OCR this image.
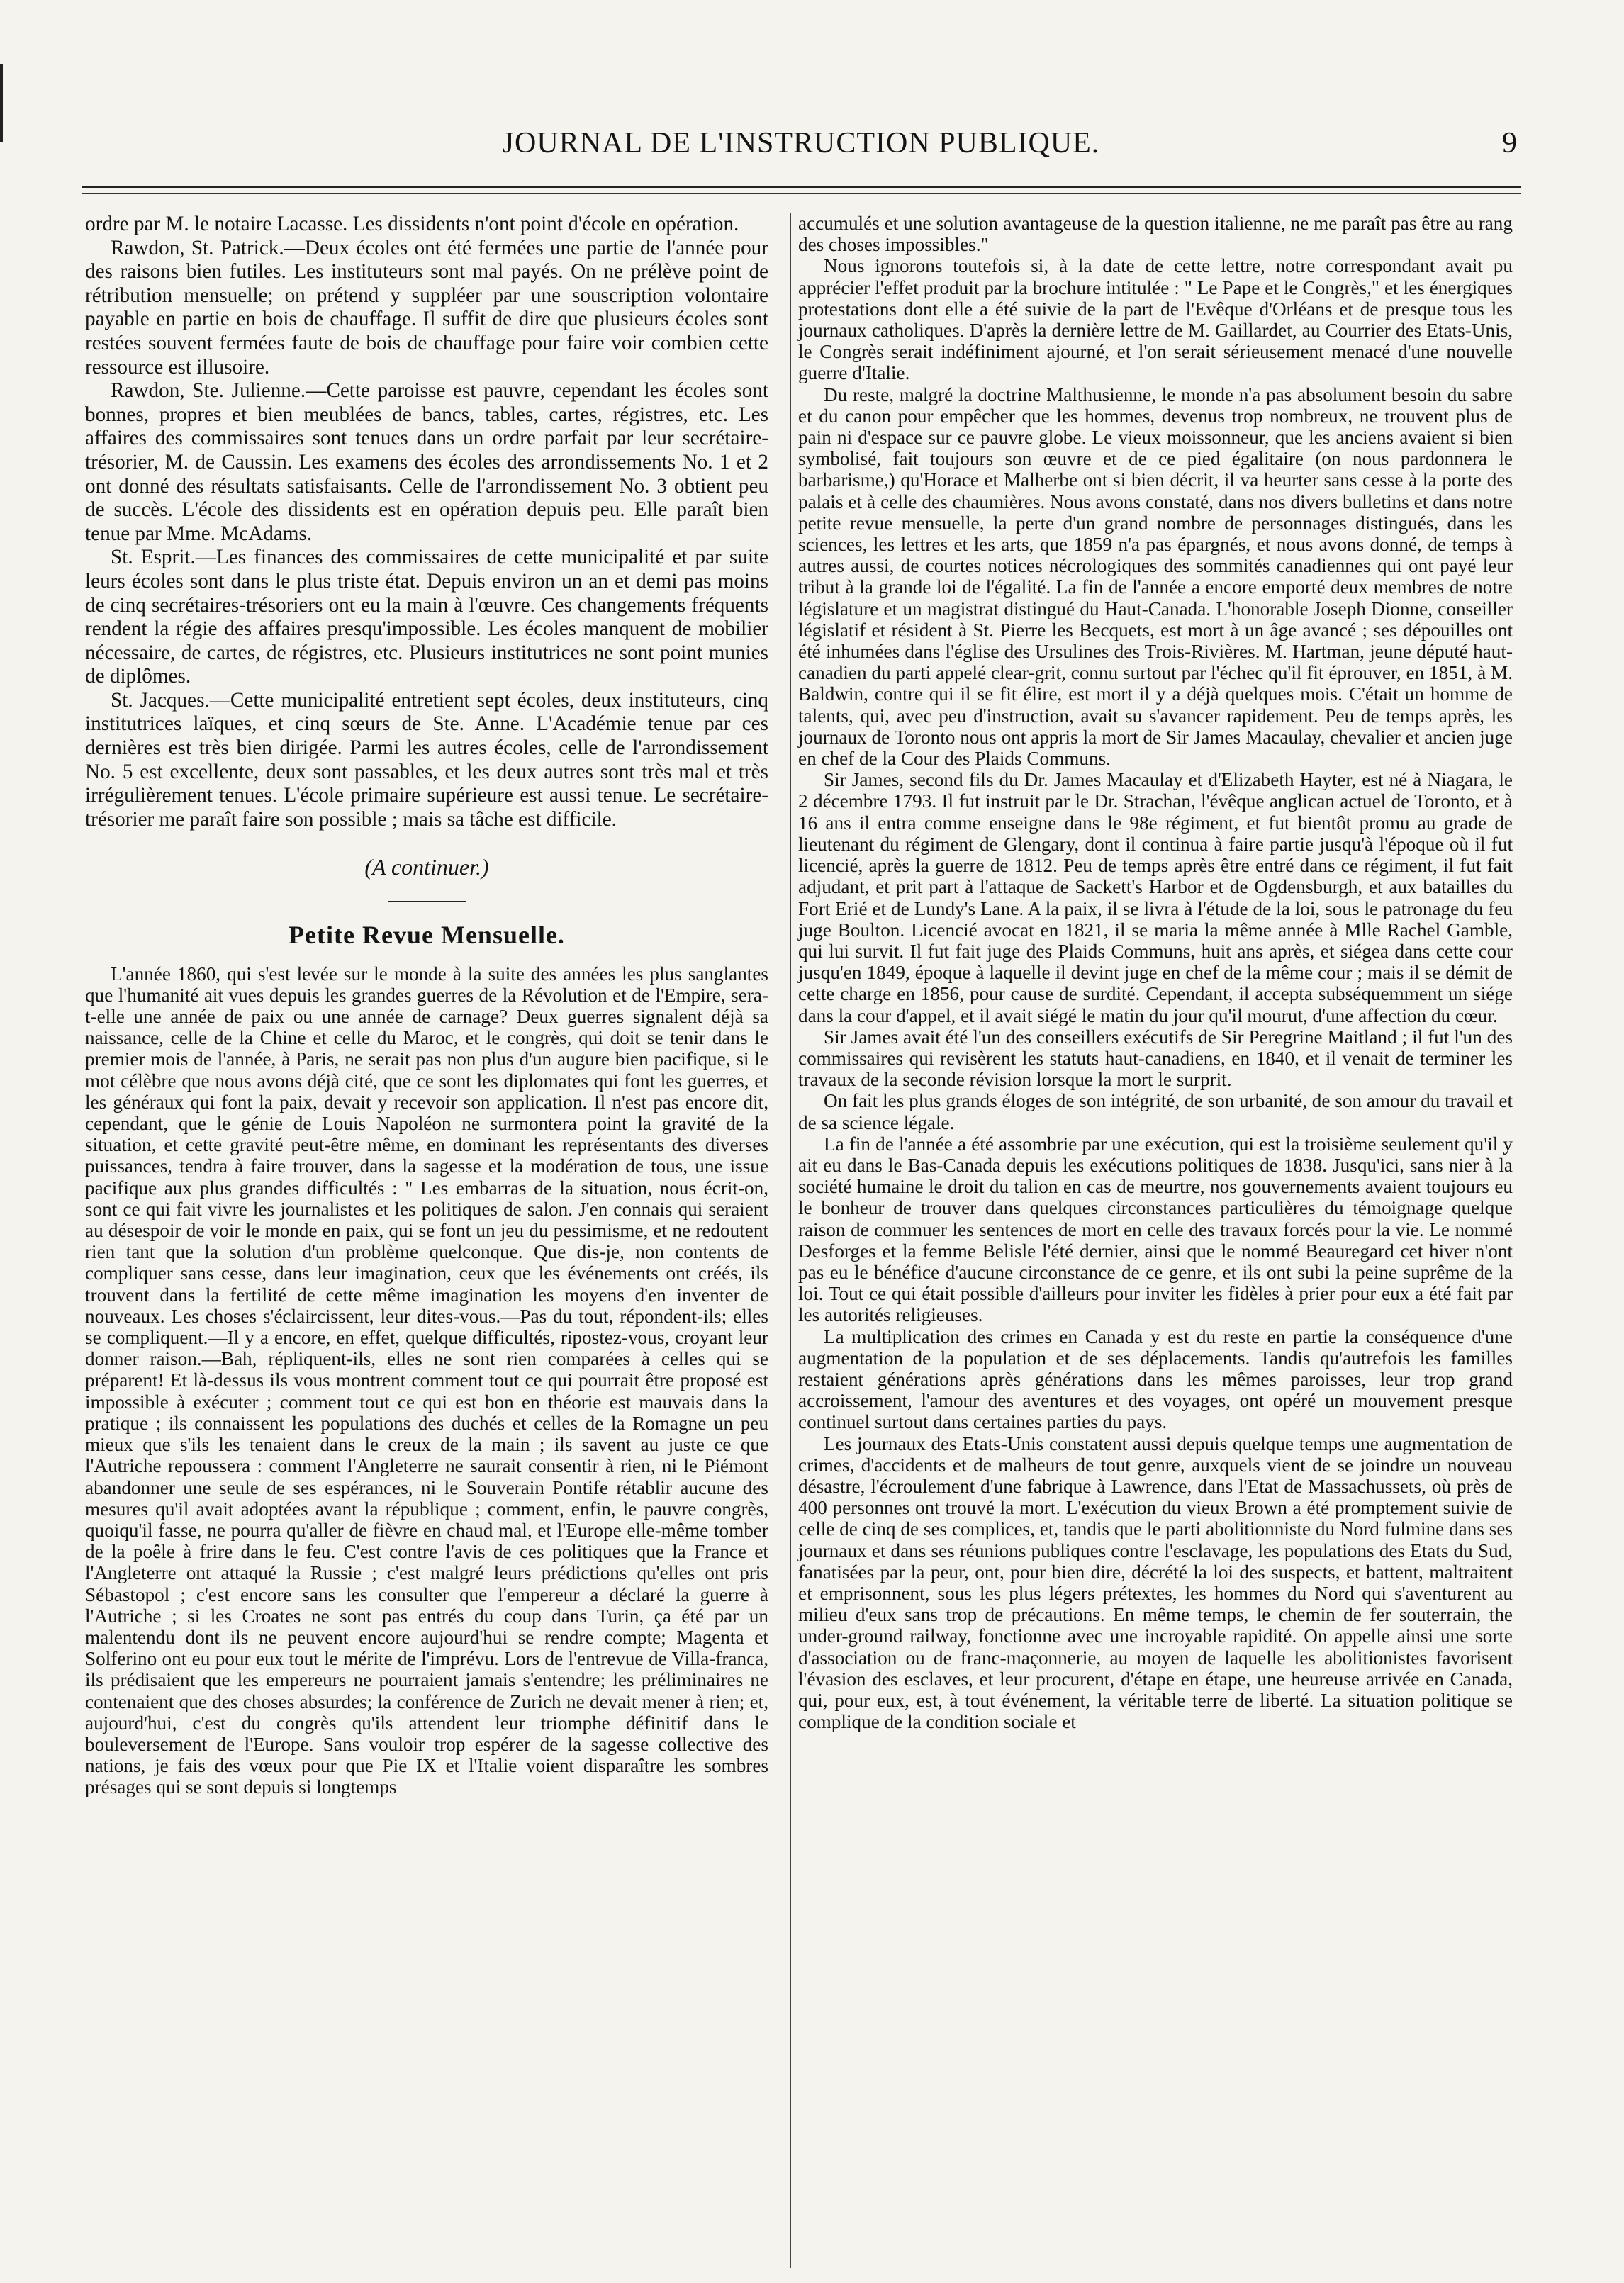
JOURNAL DE L'INSTRUCTION PUBLIQUE.	9

ordre par M. le notaire Lacasse. Les dissidents n'ont point d'école en opération.

Rawdon, St. Patrick.—Deux écoles ont été fermées une partie de l'année pour des raisons bien futiles. Les instituteurs sont mal payés. On ne prélève point de rétribution mensuelle; on prétend y suppléer par une souscription volontaire payable en partie en bois de chauffage. Il suffit de dire que plusieurs écoles sont restées souvent fermées faute de bois de chauffage pour faire voir combien cette ressource est illusoire.

Rawdon, Ste. Julienne.—Cette paroisse est pauvre, cependant les écoles sont bonnes, propres et bien meublées de bancs, tables, cartes, régistres, etc. Les affaires des commissaires sont tenues dans un ordre parfait par leur secrétaire-trésorier, M. de Caussin. Les examens des écoles des arrondissements No. 1 et 2 ont donné des résultats satisfaisants. Celle de l'arrondissement No. 3 obtient peu de succès. L'école des dissidents est en opération depuis peu. Elle paraît bien tenue par Mme. McAdams.

St. Esprit.—Les finances des commissaires de cette municipalité et par suite leurs écoles sont dans le plus triste état. Depuis environ un an et demi pas moins de cinq secrétaires-trésoriers ont eu la main à l'œuvre. Ces changements fréquents rendent la régie des affaires presqu'impossible. Les écoles manquent de mobilier nécessaire, de cartes, de régistres, etc. Plusieurs institutrices ne sont point munies de diplômes.

St. Jacques.—Cette municipalité entretient sept écoles, deux instituteurs, cinq institutrices laïques, et cinq sœurs de Ste. Anne. L'Académie tenue par ces dernières est très bien dirigée. Parmi les autres écoles, celle de l'arrondissement No. 5 est excellente, deux sont passables, et les deux autres sont très mal et très irrégulièrement tenues. L'école primaire supérieure est aussi tenue. Le secrétaire-trésorier me paraît faire son possible ; mais sa tâche est difficile.

(A continuer.)
Petite Revue Mensuelle.

L'année 1860, qui s'est levée sur le monde à la suite des années les plus sanglantes que l'humanité ait vues depuis les grandes guerres de la Révolution et de l'Empire, sera-t-elle une année de paix ou une année de carnage? Deux guerres signalent déjà sa naissance, celle de la Chine et celle du Maroc, et le congrès, qui doit se tenir dans le premier mois de l'année, à Paris, ne serait pas non plus d'un augure bien pacifique, si le mot célèbre que nous avons déjà cité, que ce sont les diplomates qui font les guerres, et les généraux qui font la paix, devait y recevoir son application. Il n'est pas encore dit, cependant, que le génie de Louis Napoléon ne surmontera point la gravité de la situation, et cette gravité peut-être même, en dominant les représentants des diverses puissances, tendra à faire trouver, dans la sagesse et la modération de tous, une issue pacifique aux plus grandes difficultés : " Les embarras de la situation, nous écrit-on, sont ce qui fait vivre les journalistes et les politiques de salon. J'en connais qui seraient au désespoir de voir le monde en paix, qui se font un jeu du pessimisme, et ne redoutent rien tant que la solution d'un problème quelconque. Que dis-je, non contents de compliquer sans cesse, dans leur imagination, ceux que les événements ont créés, ils trouvent dans la fertilité de cette même imagination les moyens d'en inventer de nouveaux. Les choses s'éclaircissent, leur dites-vous.—Pas du tout, répondent-ils; elles se compliquent.—Il y a encore, en effet, quelque difficultés, ripostez-vous, croyant leur donner raison.—Bah, répliquent-ils, elles ne sont rien comparées à celles qui se préparent! Et là-dessus ils vous montrent comment tout ce qui pourrait être proposé est impossible à exécuter ; comment tout ce qui est bon en théorie est mauvais dans la pratique ; ils connaissent les populations des duchés et celles de la Romagne un peu mieux que s'ils les tenaient dans le creux de la main ; ils savent au juste ce que l'Autriche repoussera : comment l'Angleterre ne saurait consentir à rien, ni le Piémont abandonner une seule de ses espérances, ni le Souverain Pontife rétablir aucune des mesures qu'il avait adoptées avant la république ; comment, enfin, le pauvre congrès, quoiqu'il fasse, ne pourra qu'aller de fièvre en chaud mal, et l'Europe elle-même tomber de la poêle à frire dans le feu. C'est contre l'avis de ces politiques que la France et l'Angleterre ont attaqué la Russie ; c'est malgré leurs prédictions qu'elles ont pris Sébastopol ; c'est encore sans les consulter que l'empereur a déclaré la guerre à l'Autriche ; si les Croates ne sont pas entrés du coup dans Turin, ça été par un malentendu dont ils ne peuvent encore aujourd'hui se rendre compte; Magenta et Solferino ont eu pour eux tout le mérite de l'imprévu. Lors de l'entrevue de Villa-franca, ils prédisaient que les empereurs ne pourraient jamais s'entendre; les préliminaires ne contenaient que des choses absurdes; la conférence de Zurich ne devait mener à rien; et, aujourd'hui, c'est du congrès qu'ils attendent leur triomphe définitif dans le bouleversement de l'Europe. Sans vouloir trop espérer de la sagesse collective des nations, je fais des vœux pour que Pie IX et l'Italie voient disparaître les sombres présages qui se sont depuis si longtemps

accumulés et une solution avantageuse de la question italienne, ne me paraît pas être au rang des choses impossibles."

Nous ignorons toutefois si, à la date de cette lettre, notre correspondant avait pu apprécier l'effet produit par la brochure intitulée : " Le Pape et le Congrès," et les énergiques protestations dont elle a été suivie de la part de l'Evêque d'Orléans et de presque tous les journaux catholiques. D'après la dernière lettre de M. Gaillardet, au Courrier des Etats-Unis, le Congrès serait indéfiniment ajourné, et l'on serait sérieusement menacé d'une nouvelle guerre d'Italie.

Du reste, malgré la doctrine Malthusienne, le monde n'a pas absolument besoin du sabre et du canon pour empêcher que les hommes, devenus trop nombreux, ne trouvent plus de pain ni d'espace sur ce pauvre globe. Le vieux moissonneur, que les anciens avaient si bien symbolisé, fait toujours son œuvre et de ce pied égalitaire (on nous pardonnera le barbarisme,) qu'Horace et Malherbe ont si bien décrit, il va heurter sans cesse à la porte des palais et à celle des chaumières. Nous avons constaté, dans nos divers bulletins et dans notre petite revue mensuelle, la perte d'un grand nombre de personnages distingués, dans les sciences, les lettres et les arts, que 1859 n'a pas épargnés, et nous avons donné, de temps à autres aussi, de courtes notices nécrologiques des sommités canadiennes qui ont payé leur tribut à la grande loi de l'égalité. La fin de l'année a encore emporté deux membres de notre législature et un magistrat distingué du Haut-Canada. L'honorable Joseph Dionne, conseiller législatif et résident à St. Pierre les Becquets, est mort à un âge avancé ; ses dépouilles ont été inhumées dans l'église des Ursulines des Trois-Rivières. M. Hartman, jeune député haut-canadien du parti appelé clear-grit, connu surtout par l'échec qu'il fit éprouver, en 1851, à M. Baldwin, contre qui il se fit élire, est mort il y a déjà quelques mois. C'était un homme de talents, qui, avec peu d'instruction, avait su s'avancer rapidement. Peu de temps après, les journaux de Toronto nous ont appris la mort de Sir James Macaulay, chevalier et ancien juge en chef de la Cour des Plaids Communs.

Sir James, second fils du Dr. James Macaulay et d'Elizabeth Hayter, est né à Niagara, le 2 décembre 1793. Il fut instruit par le Dr. Strachan, l'évêque anglican actuel de Toronto, et à 16 ans il entra comme enseigne dans le 98e régiment, et fut bientôt promu au grade de lieutenant du régiment de Glengary, dont il continua à faire partie jusqu'à l'époque où il fut licencié, après la guerre de 1812. Peu de temps après être entré dans ce régiment, il fut fait adjudant, et prit part à l'attaque de Sackett's Harbor et de Ogdensburgh, et aux batailles du Fort Erié et de Lundy's Lane. A la paix, il se livra à l'étude de la loi, sous le patronage du feu juge Boulton. Licencié avocat en 1821, il se maria la même année à Mlle Rachel Gamble, qui lui survit. Il fut fait juge des Plaids Communs, huit ans après, et siégea dans cette cour jusqu'en 1849, époque à laquelle il devint juge en chef de la même cour ; mais il se démit de cette charge en 1856, pour cause de surdité. Cependant, il accepta subséquemment un siége dans la cour d'appel, et il avait siégé le matin du jour qu'il mourut, d'une affection du cœur.

Sir James avait été l'un des conseillers exécutifs de Sir Peregrine Maitland ; il fut l'un des commissaires qui revisèrent les statuts haut-canadiens, en 1840, et il venait de terminer les travaux de la seconde révision lorsque la mort le surprit.

On fait les plus grands éloges de son intégrité, de son urbanité, de son amour du travail et de sa science légale.

La fin de l'année a été assombrie par une exécution, qui est la troisième seulement qu'il y ait eu dans le Bas-Canada depuis les exécutions politiques de 1838. Jusqu'ici, sans nier à la société humaine le droit du talion en cas de meurtre, nos gouvernements avaient toujours eu le bonheur de trouver dans quelques circonstances particulières du témoignage quelque raison de commuer les sentences de mort en celle des travaux forcés pour la vie. Le nommé Desforges et la femme Belisle l'été dernier, ainsi que le nommé Beauregard cet hiver n'ont pas eu le bénéfice d'aucune circonstance de ce genre, et ils ont subi la peine suprême de la loi. Tout ce qui était possible d'ailleurs pour inviter les fidèles à prier pour eux a été fait par les autorités religieuses.

La multiplication des crimes en Canada y est du reste en partie la conséquence d'une augmentation de la population et de ses déplacements. Tandis qu'autrefois les familles restaient générations après générations dans les mêmes paroisses, leur trop grand accroissement, l'amour des aventures et des voyages, ont opéré un mouvement presque continuel surtout dans certaines parties du pays.

Les journaux des Etats-Unis constatent aussi depuis quelque temps une augmentation de crimes, d'accidents et de malheurs de tout genre, auxquels vient de se joindre un nouveau désastre, l'écroulement d'une fabrique à Lawrence, dans l'Etat de Massachussets, où près de 400 personnes ont trouvé la mort. L'exécution du vieux Brown a été promptement suivie de celle de cinq de ses complices, et, tandis que le parti abolitionniste du Nord fulmine dans ses journaux et dans ses réunions publiques contre l'esclavage, les populations des Etats du Sud, fanatisées par la peur, ont, pour bien dire, décrété la loi des suspects, et battent, maltraitent et emprisonnent, sous les plus légers prétextes, les hommes du Nord qui s'aventurent au milieu d'eux sans trop de précautions. En même temps, le chemin de fer souterrain, the under-ground railway, fonctionne avec une incroyable rapidité. On appelle ainsi une sorte d'association ou de franc-maçonnerie, au moyen de laquelle les abolitionistes favorisent l'évasion des esclaves, et leur procurent, d'étape en étape, une heureuse arrivée en Canada, qui, pour eux, est, à tout événement, la véritable terre de liberté. La situation politique se complique de la condition sociale et
